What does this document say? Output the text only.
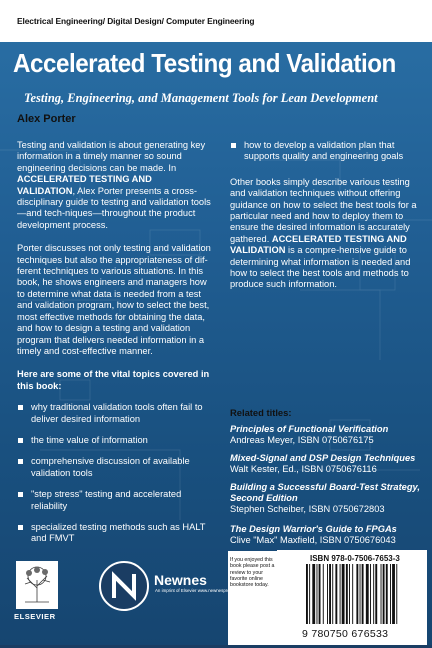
Electrical Engineering/ Digital Design/ Computer Engineering
Accelerated Testing and Validation
Testing, Engineering, and Management Tools for Lean Development
Alex Porter

Testing and validation is about generating key information in a timely manner so sound engineering decisions can be made. In ACCELERATED TESTING AND VALIDATION, Alex Porter presents a cross-disciplinary guide to testing and validation tools—and tech-niques—throughout the product development process.

Porter discusses not only testing and validation techniques but also the appropriateness of dif-ferent techniques to various situations. In this book, he shows engineers and managers how to determine what data is needed from a test and validation program, how to select the best, most effective methods for obtaining the data, and how to design a testing and validation program that delivers needed information in a timely and cost-effective manner.

Here are some of the vital topics covered in this book:
why traditional validation tools often fail to deliver desired information
the time value of information
comprehensive discussion of available validation tools
"step stress" testing and accelerated reliability
specialized testing methods such as HALT and FMVT
how to develop a validation plan that supports quality and engineering goals

Other books simply describe various testing and validation techniques without offering guidance on how to select the best tools for a particular need and how to deploy them to ensure the desired information is accurately gathered. ACCELERATED TESTING AND VALIDATION is a compre-hensive guide to determining what information is needed and how to select the best tools and methods to produce such information.

Related titles:
Principles of Functional Verification
Andreas Meyer, ISBN 0750676175
Mixed-Signal and DSP Design Techniques
Walt Kester, Ed., ISBN 0750676116
Building a Successful Board-Test Strategy, Second Edition
Stephen Scheiber, ISBN 0750672803
The Design Warrior's Guide to FPGAs
Clive "Max" Maxfield, ISBN 0750676043
If you enjoyed this book please post a review to your favorite online bookstore today.
ISBN 978-0-7506-7653-3
9 780750 676533
ELSEVIER
Newnes
An imprint of Elsevier www.newnespress.com
